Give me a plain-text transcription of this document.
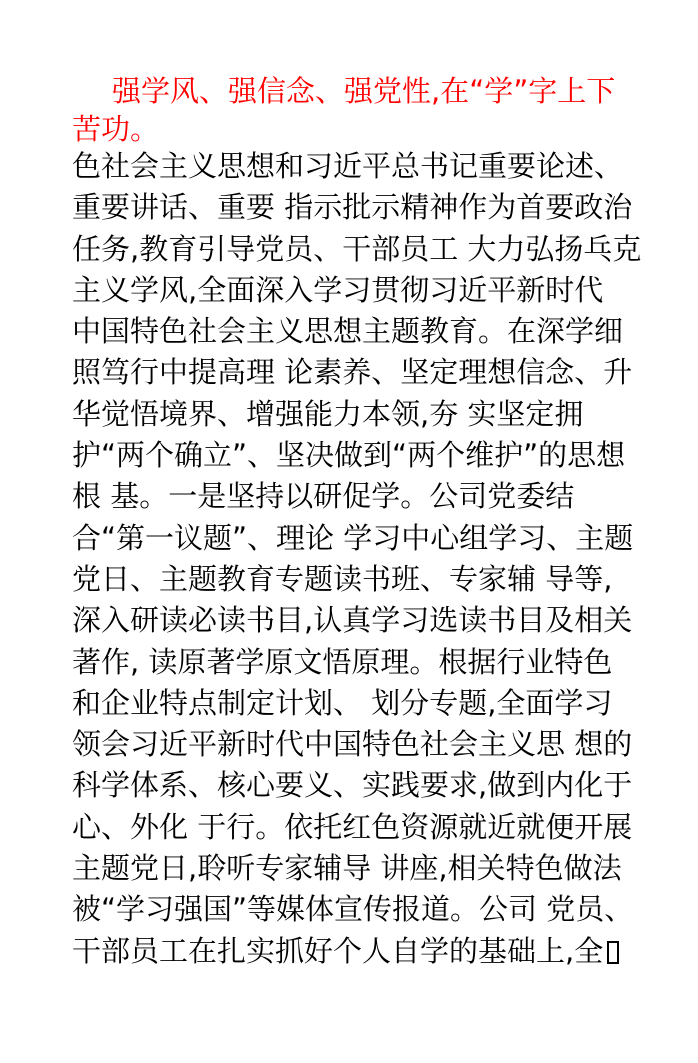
强学风、强信念、强党性,在“学”字上下苦功。
色社会主义思想和习近平总书记重要论述、
重要讲话、重要 指示批示精神作为首要政治
任务,教育引导党员、干部员工 大力弘扬乓克
主义学风,全面深入学习贯彻习近平新时代
中国特色社会主义思想主题教育。在深学细
照笃行中提高理 论素养、坚定理想信念、升
华觉悟境界、增强能力本领,夯 实坚定拥
护“两个确立”、坚决做到“两个维护”的思想
根 基。一是坚持以研促学。公司党委结
合“第一议题”、理论 学习中心组学习、主题
党日、主题教育专题读书班、专家辅 导等,
深入研读必读书目,认真学习选读书目及相关
著作, 读原著学原文悟原理。根据行业特色
和企业特点制定计划、 划分专题,全面学习
领会习近平新时代中国特色社会主义思 想的
科学体系、核心要义、实践要求,做到内化于
心、外化 于行。依托红色资源就近就便开展
主题党日,聆听专家辅导 讲座,相关特色做法
被“学习强国”等媒体宣传报道。公司 党员、
干部员工在扎实抓好个人自学的基础上,全
